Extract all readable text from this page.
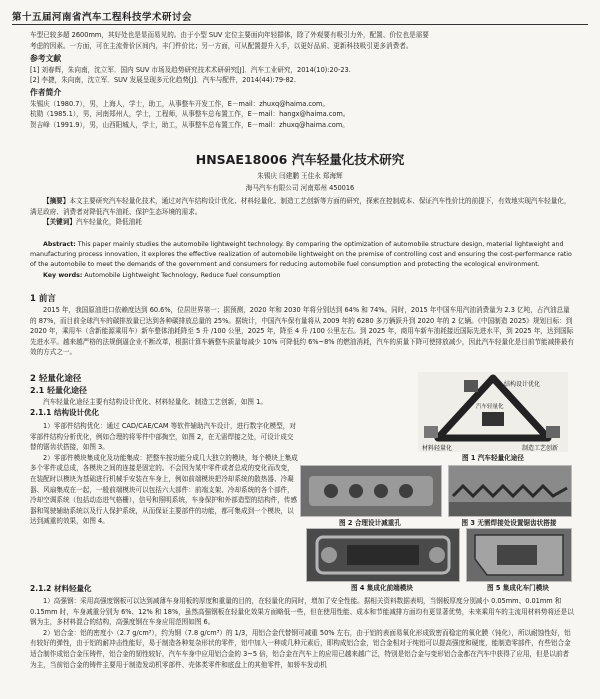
第十五届河南省汽车工程科技学术研讨会

车型已较多超 2600mm，其好处也是显而易见的。由于小型 SUV 定位主要面向年轻群体，除了外观要有吸引力外，配置、价位也是需要

考虑的因素。一方面，可在主流骨价区间内，丰门件价比；另一方面，可从配置提升入手，以更好品质、更新科技吸引更多消费者。

参考文献

[1] 刘春辉，朱向南，沈立军．国内 SUV 市场及趋势研究技术术研研究[J]．汽车工业研究，2014(10):20-23.

[2] 李捷，朱向南，沈立军．SUV 发展呈现多元化趋势[J]．汽车与配件，2014(44):79-82.

作者简介

朱锡庆（1980.7），男，上海人，学士，助工，从事整车开发工作，E－mail：zhuxq@haima.com。

杭勋（1985.1），男，河南郑州人，学士，工程师，从事整车总布置工作，E－mail：hangx@haima.com。

贺吉峰（1991.9），男，山西阳城人，学士，助工，从事整车总布置工作，E－mail：zhuxq@haima.com。

HNSAE18006 汽车轻量化技术研究
朱锡庆 闫建鹏 王佳永 郑海辉
海马汽车有限公司 河南郑州 450016

【摘要】本文主要研究汽车轻量化技术，通过对汽车结构设计优化、材料轻量化、制造工艺创新等方面的研究，探索在控制成本、保证汽车性价比的前提下，有效地实现汽车轻量化，满足政府、消费者对降低汽车油耗、保护生态环境的需求。

【关键词】汽车轻量化，降低油耗

Abstract: This paper mainly studies the automobile lightweight technology. By comparing the optimization of automobile structure design, material lightweight and manufacturing process innovation, it explores the effective realization of automobile lightweight on the premise of controlling cost and ensuring the cost-performance ratio of the automobile to meet the demands of the government and consumers for reducing automobile fuel consumption and protecting the ecological environment.

Key words: Automobile Lightweight Technology, Reduce fuel consumption

1 前言

2015 年，我国原油进口依赖度达到 60.6%，位居世界第一；据预测，2020 年和 2030 年将分别达到 64% 和 74%。同时，2015 年中国车用汽油消费量为 2.3 亿吨，占汽油总量的 87%，而目前全球汽车的碳排放量已达到各种碳排放总量的 25%。据统计，中国汽车保有量将从 2009 年的 6280 多万辆跃升到 2020 年的 2 亿辆。《中国制造 2025》规划目标：到 2020 年，乘用车（含新能源乘用车）新车整体油耗降至 5 升 /100 公里，2025 年，降至 4 升 /100 公里左右。到 2025 年，商用车新车油耗接近国际先进水平，到 2025 年，达到国际先进水平。越来越严格的法规倒逼企业不断改革，根据计算车辆整车质量每减少 10% 可降低约 6%~8% 的燃油消耗，汽车的质量下降可使排放减少，因此汽车轻量化是目前节能减排最有效的方式之一。

2 轻量化途径

2.1 轻量化途径

汽车轻量化途径主要有结构设计优化、材料轻量化、制造工艺创新，如图 1。

2.1.1 结构设计优化

1）零部件结构优化：通过 CAD/CAE/CAM 等软件辅助汽车设计，进行数字化模型，对零部件结构分析优化，例如合理的将零件中部掏空，如图 2，在无需焊接之处，可设计成交替的锯齿状搭接，如图 3。

2）零部件模块集成化及功能集成：把整车按功能分成几大独立的模块，每个模块上集成多个零件或总成，各模块之间的连接是固定的。不会因为某中零件或者总成的变化而改变，在装配时以模块为基础进行机械手安装在车身上，例如前端模块把冷却系统的散热器、冷凝器、风扇集成在一起，一般前端模块可以包括六大部件：前端支架、冷却系统的各个部件，冷却空调系统（包括动态进气格栅），信号和照明系统，车身保护和外部造型的结构件，传感器和驾驶辅助系统以及行人保护系统，从而保证主要部件的功能，都可集成到一个模块，以达到减重的效果，如图 4。

2.1.2 材料轻量化

1）高强钢：采用高强度钢板可以达到减薄车身用板的厚度和重量的目的，在轻量化的同时，增加了安全性能。据相关资料数据表明，当钢板厚度分别减小 0.05mm、0.01mm 和 0.15mm 时，车身减重分别为 6%、12% 和 18%，虽然高强钢板在轻量化效果方面略低一些，但在使用性能、成本和节能减排方面均有更显著优势，未来乘用车的主流用材料势将还是以钢为主，多材料混合的结构，高强度钢在车身应用范围如图 6。

2）铝合金：铝的密度小（2.7 g/cm³），约为钢（7.8 g/cm³）的 1/3，用铝合金代替钢可减重 50% 左右，由于铝的表面易氧化形成致密而稳定的氧化膜（钝化），所以耐蚀性好，铝有较好的弹性，由于铝的耐冲击性能好，易于制造各种复杂形状的零件，铝中加入一种或几种元素后，即构成铝合金，铝合金相对于纯铝可以提高强度和硬度，能制造零部件，有些铝合金适合制作成铝合金压铸件，铝合金的韧性较好，汽车车身中应用铝合金的 3~5 倍，铝合金在汽车上的应用已越来越广泛，特别是铝合金与变形铝合金都在汽车中获得了应用，但是以前者为主，当前铝合金的铸件主要用于制造发动机零部件、壳体类零件和底盘上的其他零件，如轿车发动机

结构设计优化
材料轻量化	制造工艺创新
汽车轻量化
图 1 汽车轻量化途径
图 2 合理设计减重孔	图 3 无需焊接处设置锯齿状搭接
图 4 集成化前端模块	图 5 集成化车门模块
